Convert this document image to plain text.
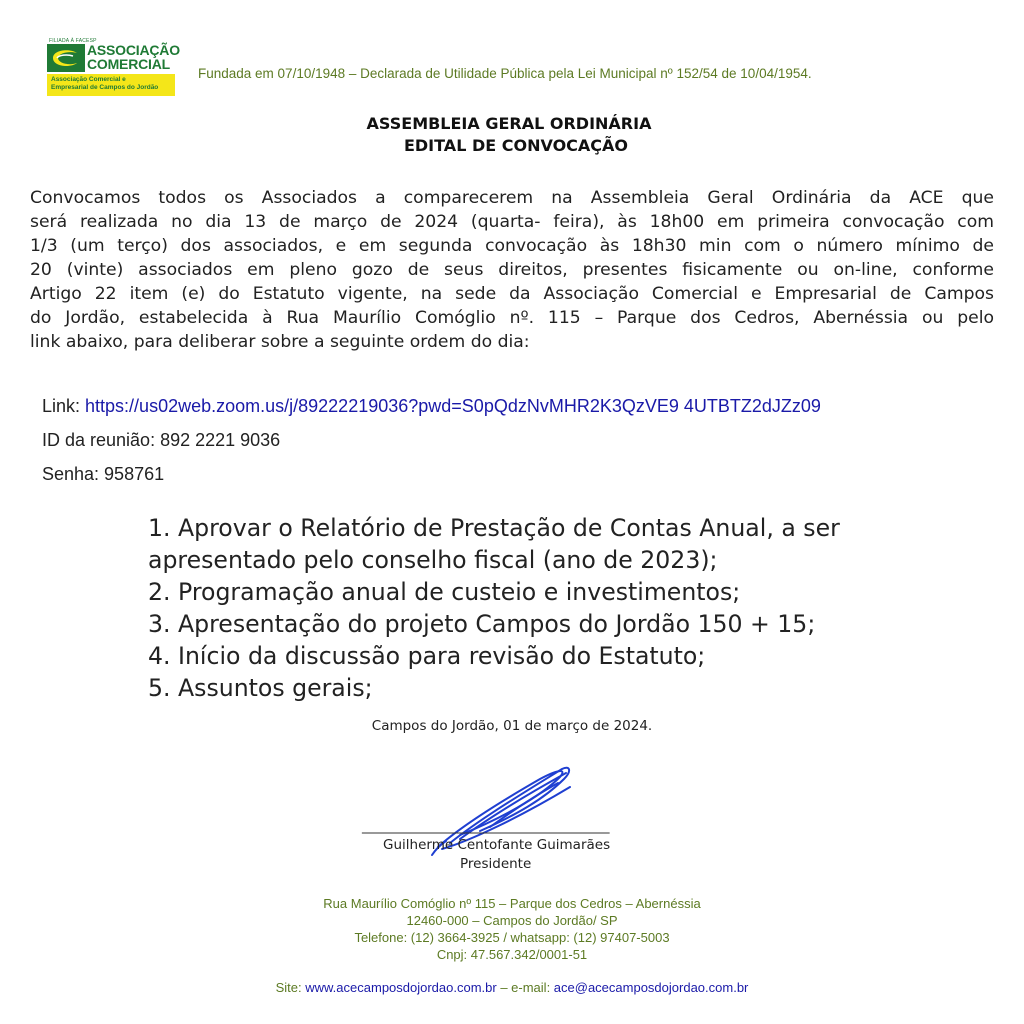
FILIADA À FACESP
ASSOCIAÇÃO
COMERCIAL
Associação Comercial e
Empresarial de Campos do Jordão
Fundada em 07/10/1948 – Declarada de Utilidade Pública pela Lei Municipal nº 152/54 de 10/04/1954.
ASSEMBLEIA GERAL ORDINÁRIA
EDITAL DE CONVOCAÇÃO
Convocamos todos os Associados a comparecerem na Assembleia Geral Ordinária da ACE que
será realizada no dia 13 de março de 2024 (quarta- feira), às 18h00 em primeira convocação com
1/3 (um terço) dos associados, e em segunda convocação às 18h30 min com o número mínimo de
20 (vinte) associados em pleno gozo de seus direitos, presentes fisicamente ou on-line, conforme
Artigo 22 item (e) do Estatuto vigente, na sede da Associação Comercial e Empresarial de Campos
do Jordão, estabelecida à Rua Maurílio Comóglio nº. 115 – Parque dos Cedros, Abernéssia ou pelo
link abaixo, para deliberar sobre a seguinte ordem do dia:
Link: https://us02web.zoom.us/j/89222219036?pwd=S0pQdzNvMHR2K3QzVE9 4UTBTZ2dJZz09
ID da reunião: 892 2221 9036
Senha: 958761
1. Aprovar o Relatório de Prestação de Contas Anual, a ser
apresentado pelo conselho fiscal (ano de 2023);
2. Programação anual de custeio e investimentos;
3. Apresentação do projeto Campos do Jordão 150 + 15;
4. Início da discussão para revisão do Estatuto;
5. Assuntos gerais;
Campos do Jordão, 01 de março de 2024.
______________________________________
Guilherme Centofante Guimarães
Presidente
Rua Maurílio Comóglio nº 115 – Parque dos Cedros – Abernéssia
12460-000 – Campos do Jordão/ SP
Telefone: (12) 3664-3925 / whatsapp: (12) 97407-5003
Cnpj: 47.567.342/0001-51
Site: www.acecamposdojordao.com.br – e-mail: ace@acecamposdojordao.com.br
